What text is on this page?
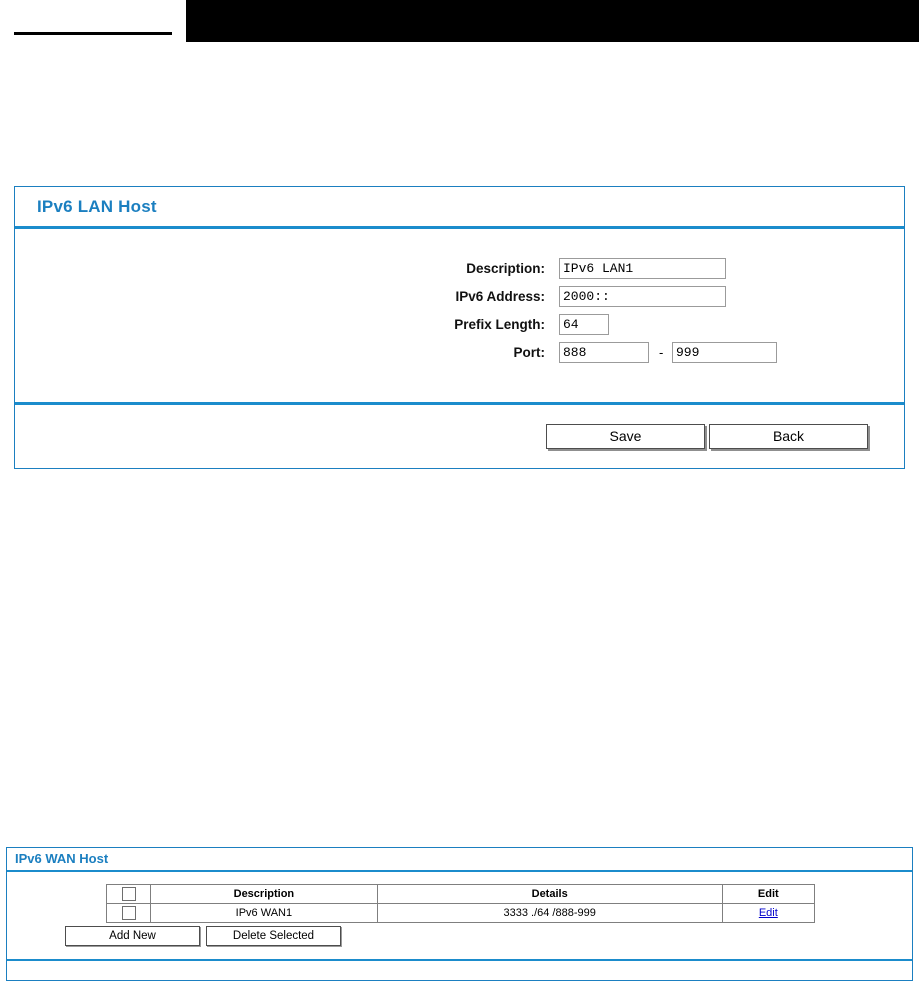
IPv6 LAN Host
Description:
IPv6 LAN1
IPv6 Address:
2000::
Prefix Length:
64
Port:
888	-
999
Save	Back
IPv6 WAN Host
	Description	Details	Edit
	IPv6 WAN1	3333 ./64 /888-999	Edit
Add New	Delete Selected
